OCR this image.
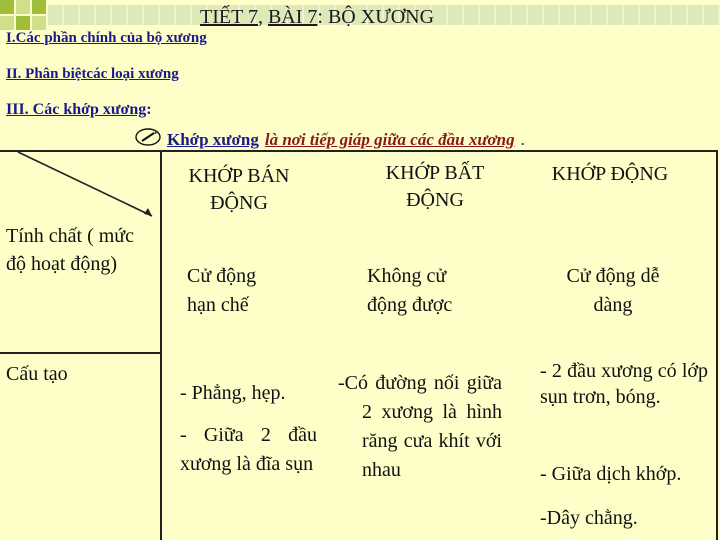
TIẾT 7, BÀI 7: BỘ XƯƠNG
I.Các phần chính của bộ xương
II. Phân biệtcác loại xương
III. Các khớp xương:
Khớp xương là nơi tiếp giáp giữa các đầu xương .
KHỚP BÁN ĐỘNG
KHỚP BẤT ĐỘNG
KHỚP ĐỘNG
Tính chất ( mức độ hoạt động)
Cấu tạo
Cử động hạn chế
Không cử động được
Cử động dễ dàng
- Phẳng, hẹp.
- Giữa 2 đầu xương là đĩa sụn
-Có đường nối giữa 2 xương là hình răng cưa khít với nhau
- 2 đầu xương có lớp sụn trơn, bóng.
- Giữa dịch khớp.
-Dây chằng.
